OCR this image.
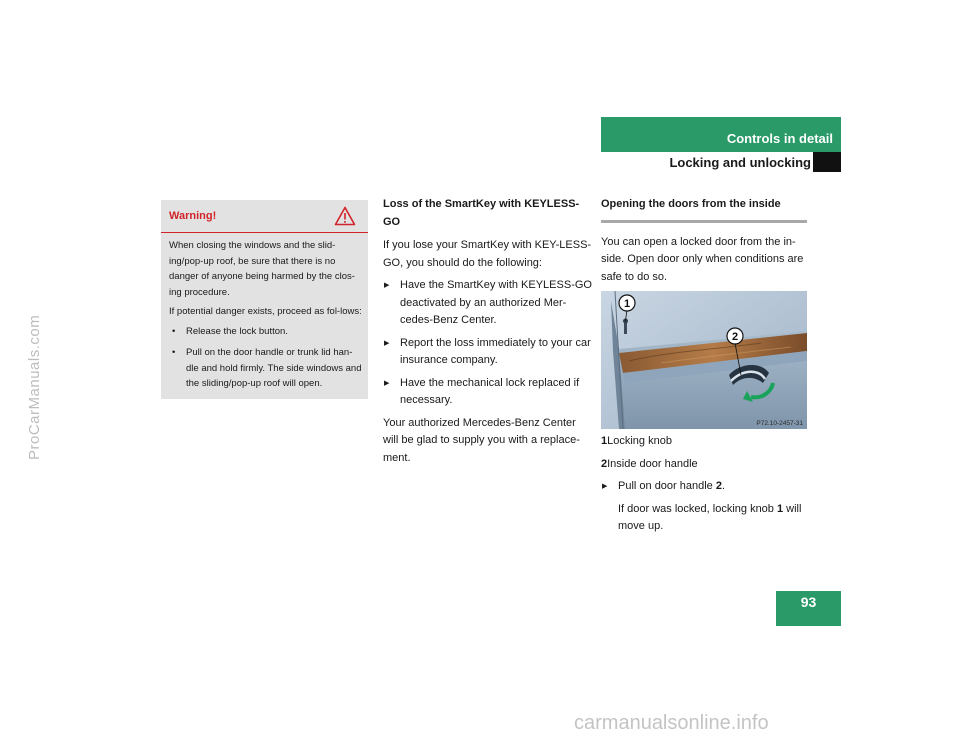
Controls in detail
Locking and unlocking
93
ProCarManuals.com
carmanualsonline.info
Warning!

When closing the windows and the slid-ing/pop-up roof, be sure that there is no danger of anyone being harmed by the clos-ing procedure.

If potential danger exists, proceed as fol-lows:

• Release the lock button.
• Pull on the door handle or trunk lid han-dle and hold firmly. The side windows and the sliding/pop-up roof will open.

Loss of the SmartKey with KEYLESS-GO

If you lose your SmartKey with KEY-LESS-GO, you should do the following:

▶ Have the SmartKey with KEYLESS-GO deactivated by an authorized Mer-cedes-Benz Center.
▶ Report the loss immediately to your car insurance company.
▶ Have the mechanical lock replaced if necessary.

Your authorized Mercedes-Benz Center will be glad to supply you with a replace-ment.

Opening the doors from the inside

You can open a locked door from the in-side. Open door only when conditions are safe to do so.

1
2
P72.10-2457-31

1Locking knob

2Inside door handle

▶ Pull on door handle 2.

If door was locked, locking knob 1 will move up.
